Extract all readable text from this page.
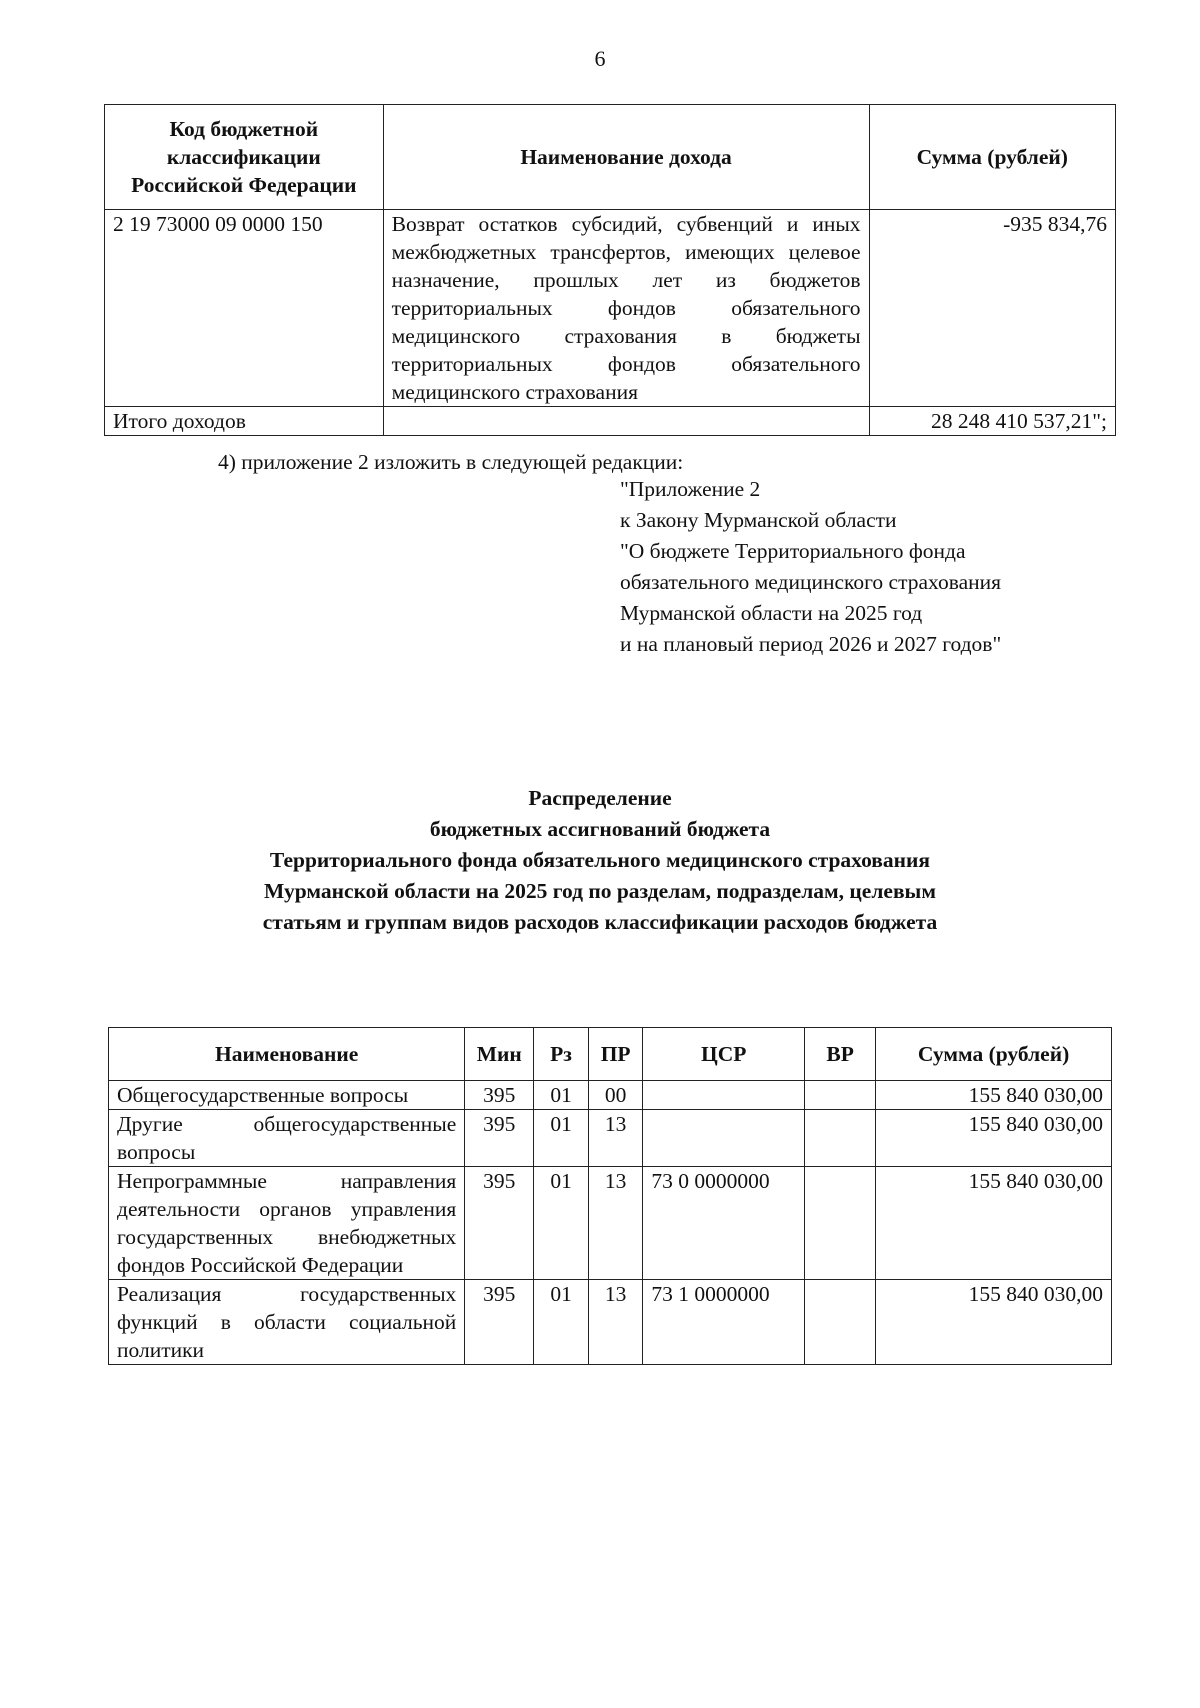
6
Код бюджетной классификации Российской Федерации	Наименование дохода	Сумма (рублей)
2 19 73000 09 0000 150	Возврат остатков субсидий, субвенций и иных межбюджетных трансфертов, имеющих целевое назначение, прошлых лет из бюджетов территориальных фондов обязательного медицинского страхования в бюджеты территориальных фондов обязательного медицинского страхования	-935 834,76
Итого доходов		28 248 410 537,21";
4) приложение 2 изложить в следующей редакции:
"Приложение 2
к Закону Мурманской области
"О бюджете Территориального фонда
обязательного медицинского страхования
Мурманской области на 2025 год
и на плановый период 2026 и 2027 годов"
Распределение
бюджетных ассигнований бюджета
Территориального фонда обязательного медицинского страхования
Мурманской области на 2025 год по разделам, подразделам, целевым
статьям и группам видов расходов классификации расходов бюджета
Наименование	Мин	Рз	ПР	ЦСР	ВР	Сумма (рублей)
Общегосударственные вопросы	395	01	00			155 840 030,00
Другие общегосударственные вопросы	395	01	13			155 840 030,00
Непрограммные направления деятельности органов управления государственных внебюджетных фондов Российской Федерации	395	01	13	73 0 0000000		155 840 030,00
Реализация государственных функций в области социальной политики	395	01	13	73 1 0000000		155 840 030,00
